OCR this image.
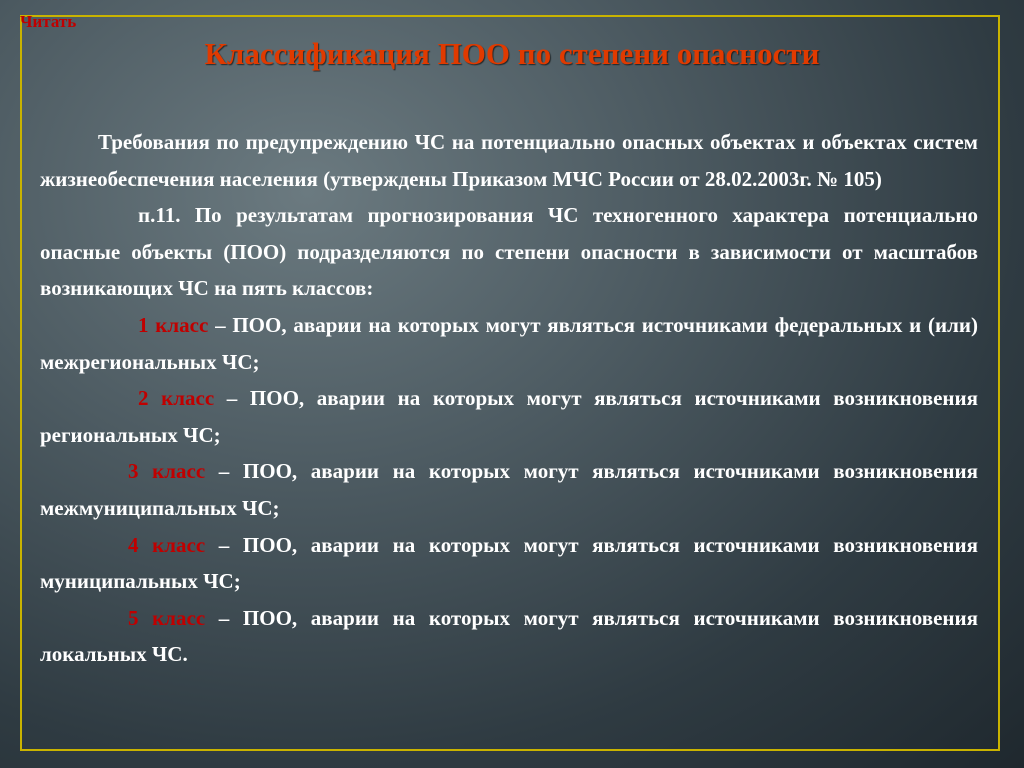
Читать
Классификация ПОО по степени опасности

Требования по предупреждению ЧС на потенциально опасных объектах и объектах систем жизнеобеспечения населения (утверждены Приказом МЧС России от 28.02.2003г. № 105)

п.11. По результатам прогнозирования ЧС техногенного характера потенциально опасные объекты (ПОО) подразделяются по степени опасности в зависимости от масштабов возникающих ЧС на пять классов:

1 класс – ПОО, аварии на которых могут являться источниками федеральных и (или) межрегиональных ЧС;

2 класс – ПОО, аварии на которых могут являться источниками возникновения региональных ЧС;

3 класс – ПОО, аварии на которых могут являться источниками возникновения межмуниципальных ЧС;

4 класс – ПОО, аварии на которых могут являться источниками возникновения муниципальных ЧС;

5 класс – ПОО, аварии на которых могут являться источниками возникновения локальных ЧС.
